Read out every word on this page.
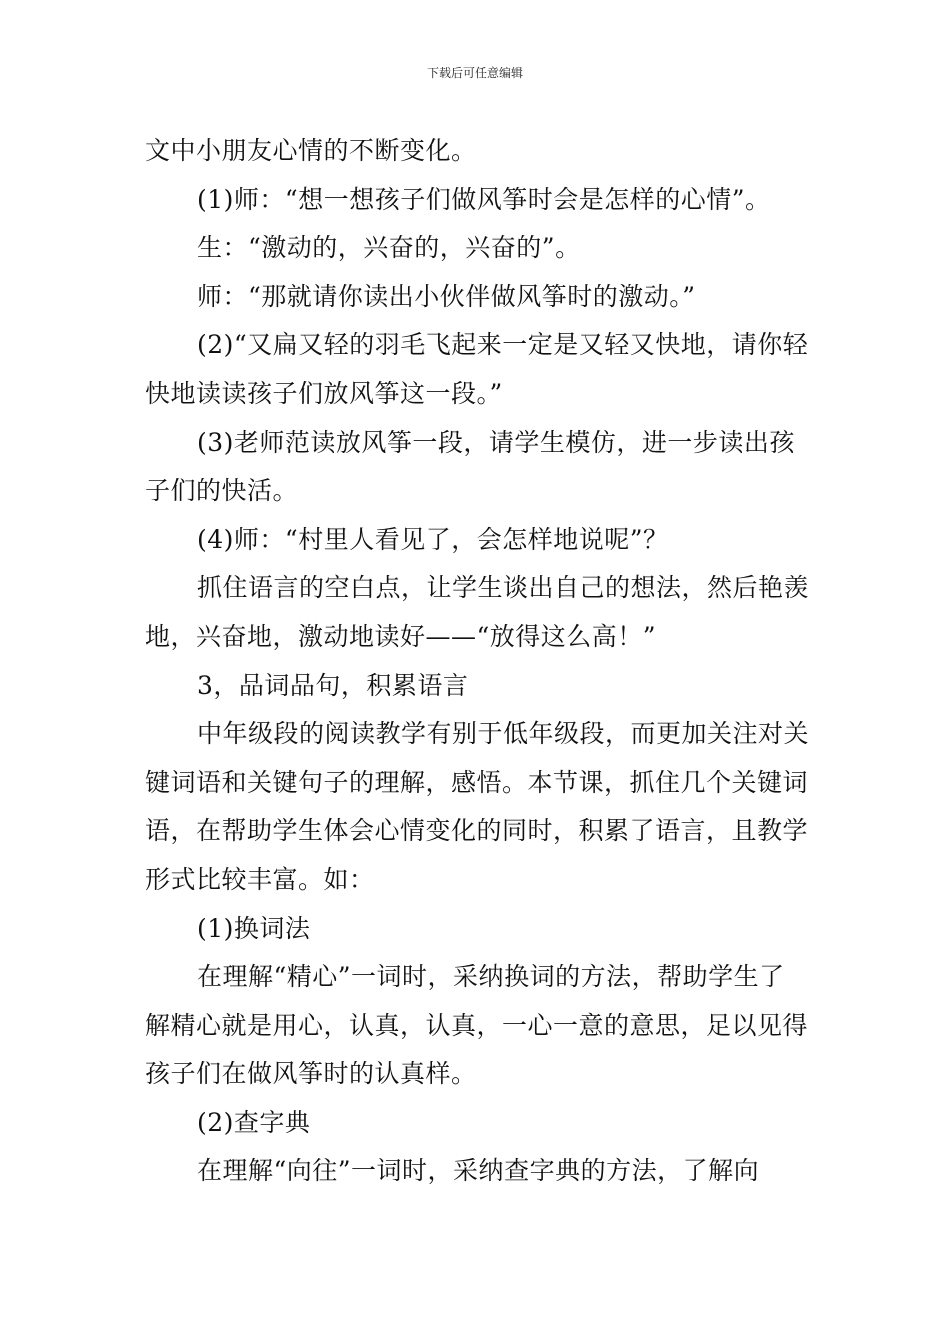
下载后可任意编辑

文中小朋友心情的不断变化。

(1)师：“想一想孩子们做风筝时会是怎样的心情”。

生：“激动的，兴奋的，兴奋的”。

师：“那就请你读出小伙伴做风筝时的激动。”

(2)“又扁又轻的羽毛飞起来一定是又轻又快地，请你轻快地读读孩子们放风筝这一段。”

(3)老师范读放风筝一段，请学生模仿，进一步读出孩子们的快活。

(4)师：“村里人看见了，会怎样地说呢”？

抓住语言的空白点，让学生谈出自己的想法，然后艳羡地，兴奋地，激动地读好——“放得这么高！”

3，品词品句，积累语言

中年级段的阅读教学有别于低年级段，而更加关注对关键词语和关键句子的理解，感悟。本节课，抓住几个关键词语，在帮助学生体会心情变化的同时，积累了语言，且教学形式比较丰富。如：

(1)换词法

在理解“精心”一词时，采纳换词的方法，帮助学生了解精心就是用心，认真，认真，一心一意的意思，足以见得孩子们在做风筝时的认真样。

(2)查字典

在理解“向往”一词时，采纳查字典的方法，了解向
